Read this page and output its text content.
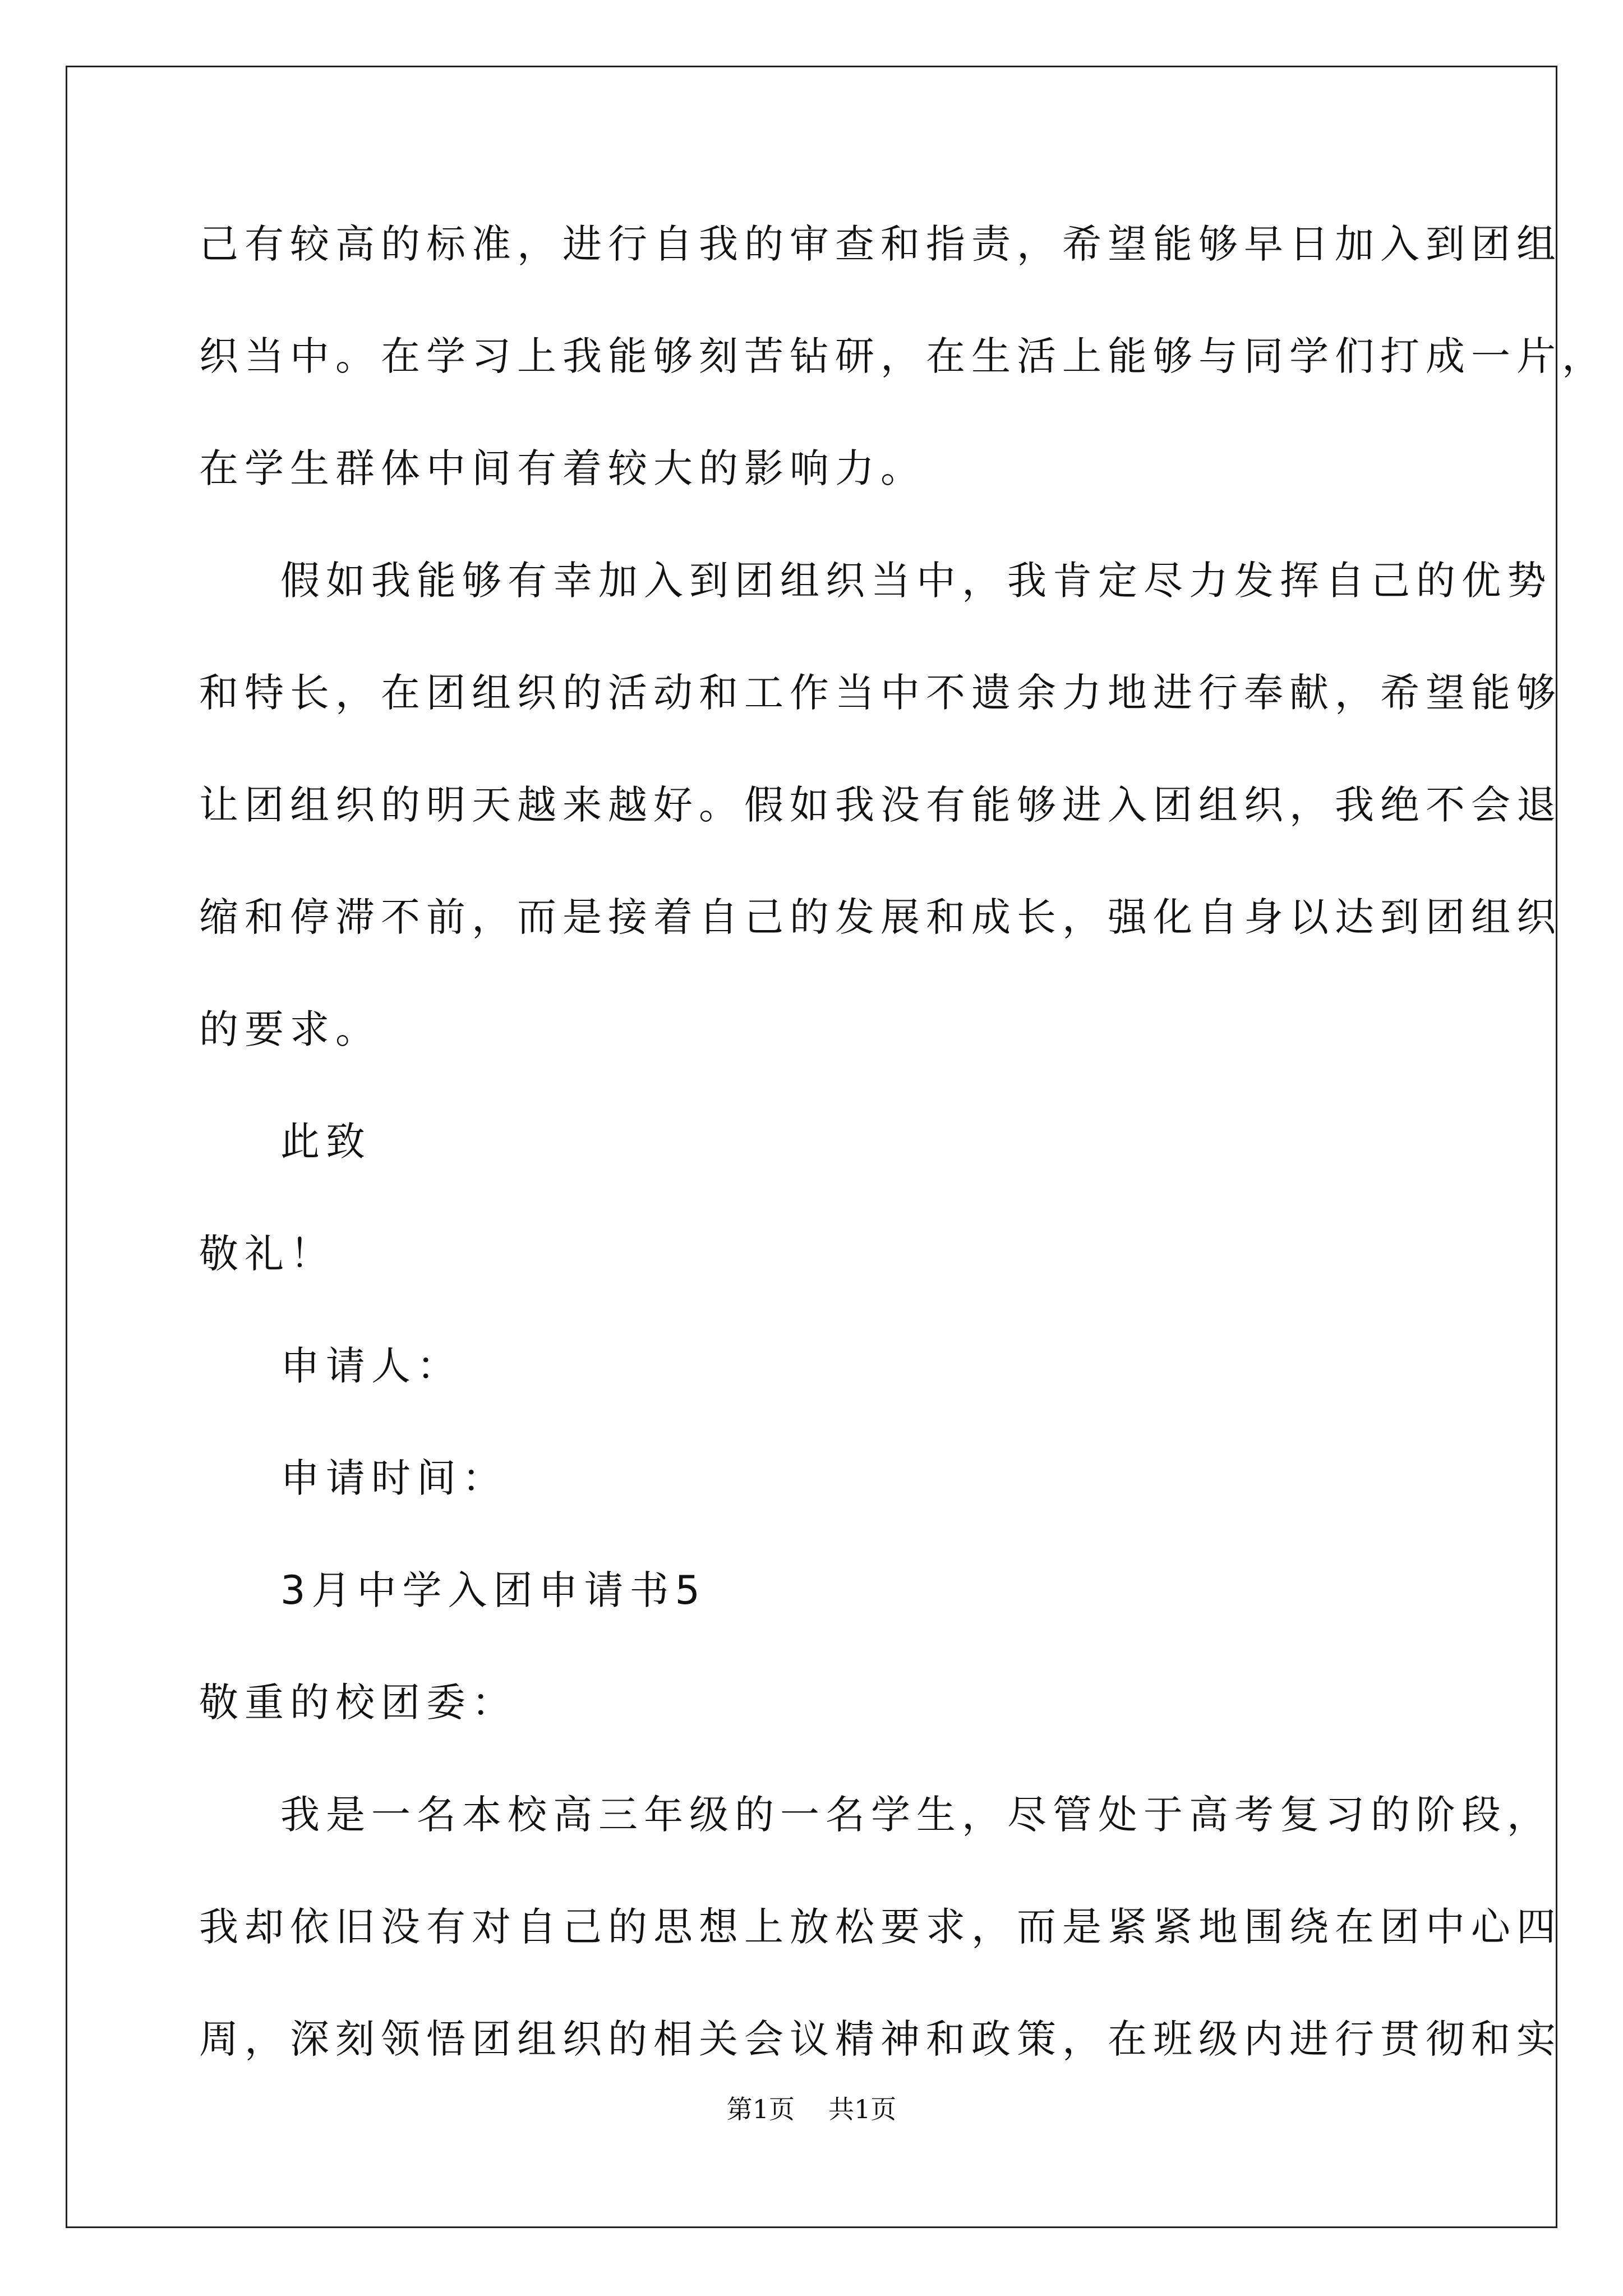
己有较高的标准，进行自我的审查和指责，希望能够早日加入到团组
织当中。在学习上我能够刻苦钻研，在生活上能够与同学们打成一片，
在学生群体中间有着较大的影响力。
假如我能够有幸加入到团组织当中，我肯定尽力发挥自己的优势
和特长，在团组织的活动和工作当中不遗余力地进行奉献，希望能够
让团组织的明天越来越好。假如我没有能够进入团组织，我绝不会退
缩和停滞不前，而是接着自己的发展和成长，强化自身以达到团组织
的要求。
此致
敬礼！
申请人：
申请时间：
3月中学入团申请书5
敬重的校团委：
我是一名本校高三年级的一名学生，尽管处于高考复习的阶段，
我却依旧没有对自己的思想上放松要求，而是紧紧地围绕在团中心四
周，深刻领悟团组织的相关会议精神和政策，在班级内进行贯彻和实
第1页 共1页
